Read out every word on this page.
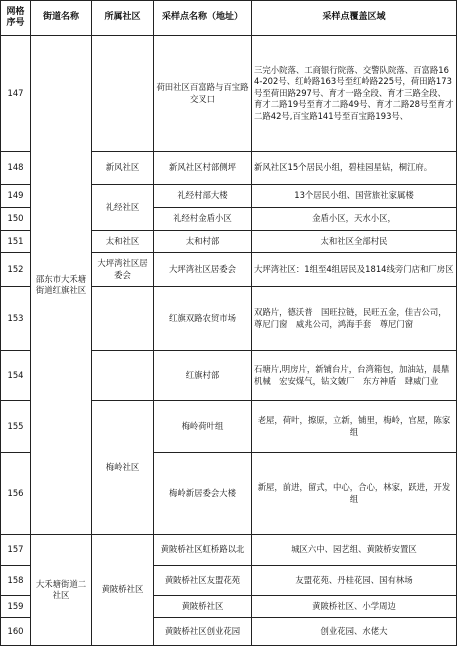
网格序号	街道名称	所属社区	采样点名称（地址）	采样点覆盖区域
147	邵东市大禾塘街道红旗社区		荷田社区百富路与百宝路交叉口	三完小院落、工商银行院落、交警队院落、百富路164-202号、红岭路163号至红岭路225号，荷田路173号至荷田路297号、育才一路全段、育才三路全段、育才二路19号至育才二路49号、育才二路28号至育才二路42号,百宝路141号至百宝路193号、
148		新风社区	新风社区村部侧坪	新风社区15个居民小组，碧桂园星钻，桐江府。
149		礼经社区	礼经村部大楼	13个居民小组、国营旅社家属楼
150			礼经村金盾小区	金盾小区，天水小区，
151		太和社区	太和村部	太和社区全部村民
152		大坪湾社区居委会	大坪湾社区居委会	大坪湾社区：1组至4组居民及1814线旁门店和厂房区
153			红旗双路农贸市场	双路片，德沃普　国旺拉链，民旺五金，佳吉公司，尊尼门窗　威兆公司，鸿海手套　尊尼门窗
154			红旗村部	石塘片,明房片，新铺台片，台湾箱包，加油站，晨鼎机械　宏安煤气，钻文皴厂　东方神盾　肆威门业
155		梅岭社区	梅岭荷叶组	老屋，荷叶，擦原，立新，铺里，梅岭，官屋，陈家组
156			梅岭新居委会大楼	新屋，前进，留式，中心，合心，林家，跃进，开发组
157	大禾塘街道二社区	黄陂桥社区	黄陂桥社区虹桥路以北	城区六中、园艺组、黄陂桥安置区
158			黄陂桥社区友盟花苑	友盟花苑、丹桂花园、国有林场
159			黄陂桥社区	黄陂桥社区、小学周边
160			黄陂桥社区创业花园	创业花园、水佬大
